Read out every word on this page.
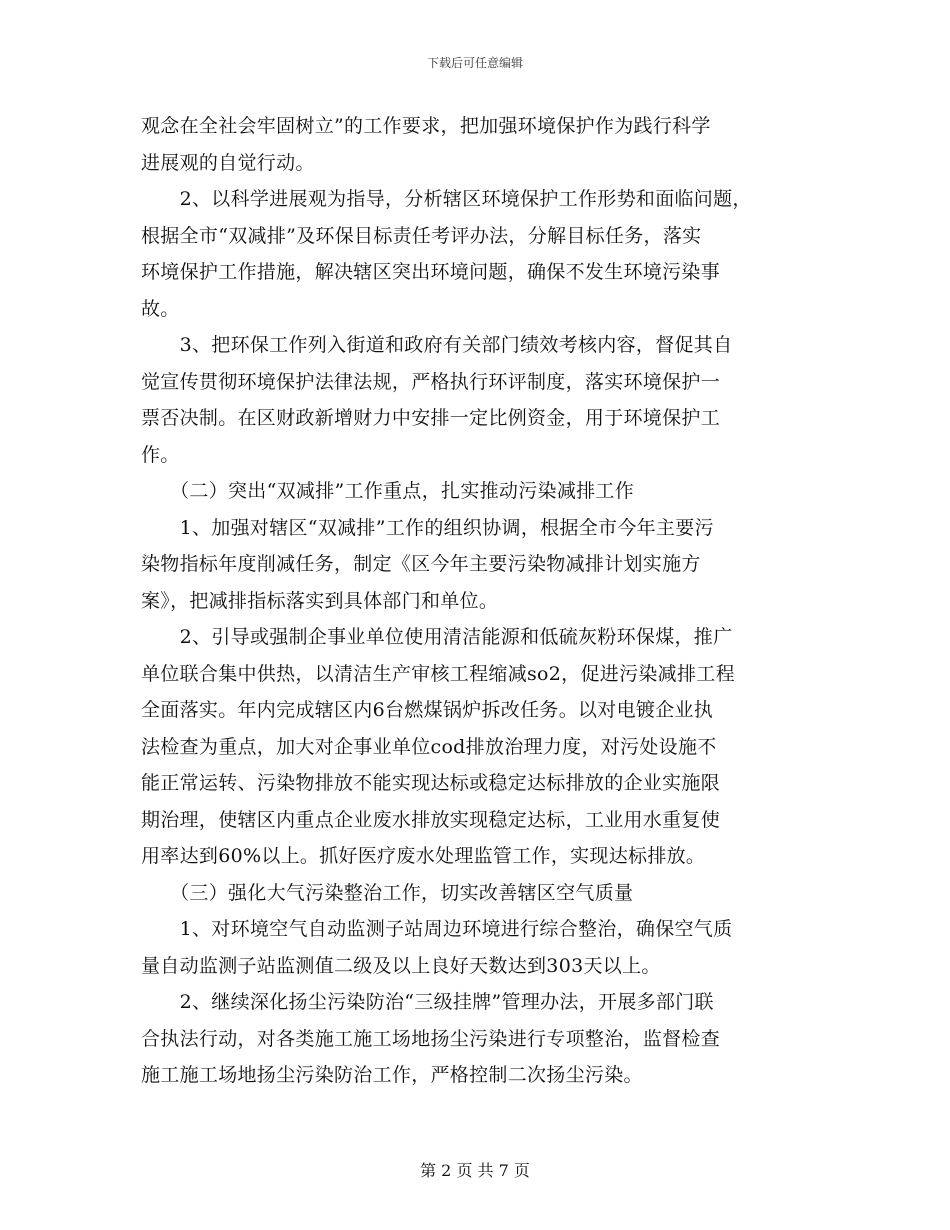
下载后可任意编辑
观念在全社会牢固树立”的工作要求，把加强环境保护作为践行科学
进展观的自觉行动。
　　2、以科学进展观为指导，分析辖区环境保护工作形势和面临问题，
根据全市“双减排”及环保目标责任考评办法，分解目标任务，落实
环境保护工作措施，解决辖区突出环境问题，确保不发生环境污染事
故。
　　3、把环保工作列入街道和政府有关部门绩效考核内容，督促其自
觉宣传贯彻环境保护法律法规，严格执行环评制度，落实环境保护一
票否决制。在区财政新增财力中安排一定比例资金，用于环境保护工
作。
　　（二）突出“双减排”工作重点，扎实推动污染减排工作
　　1、加强对辖区“双减排”工作的组织协调，根据全市今年主要污
染物指标年度削减任务，制定《区今年主要污染物减排计划实施方
案》，把减排指标落实到具体部门和单位。
　　2、引导或强制企事业单位使用清洁能源和低硫灰粉环保煤，推广
单位联合集中供热，以清洁生产审核工程缩减so2，促进污染减排工程
全面落实。年内完成辖区内6台燃煤锅炉拆改任务。以对电镀企业执
法检查为重点，加大对企事业单位cod排放治理力度，对污处设施不
能正常运转、污染物排放不能实现达标或稳定达标排放的企业实施限
期治理，使辖区内重点企业废水排放实现稳定达标，工业用水重复使
用率达到60%以上。抓好医疗废水处理监管工作，实现达标排放。
　　（三）强化大气污染整治工作，切实改善辖区空气质量
　　1、对环境空气自动监测子站周边环境进行综合整治，确保空气质
量自动监测子站监测值二级及以上良好天数达到303天以上。
　　2、继续深化扬尘污染防治“三级挂牌”管理办法，开展多部门联
合执法行动，对各类施工施工场地扬尘污染进行专项整治，监督检查
施工施工场地扬尘污染防治工作，严格控制二次扬尘污染。
第 2 页 共 7 页
